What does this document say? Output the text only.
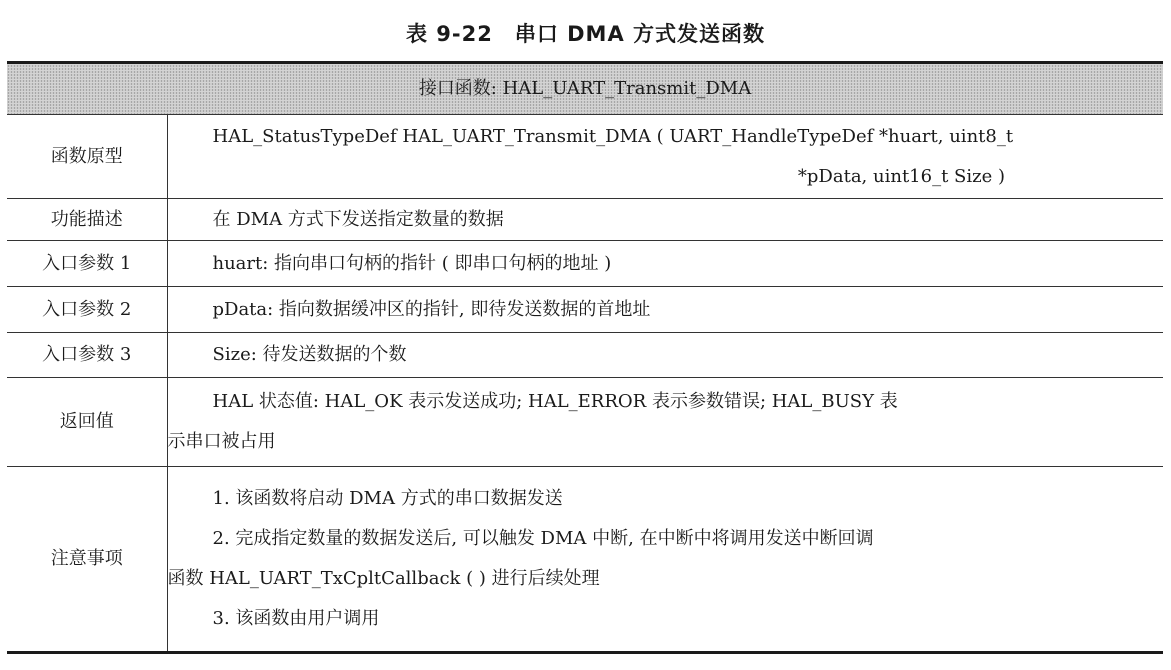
表 9-22　串口 DMA 方式发送函数
接口函数: HAL_UART_Transmit_DMA	
函数原型	HAL_StatusTypeDef HAL_UART_Transmit_DMA ( UART_HandleTypeDef *huart, uint8_t
*pData, uint16_t Size )

功能描述	在 DMA 方式下发送指定数量的数据
入口参数 1	huart: 指向串口句柄的指针 ( 即串口句柄的地址 )
入口参数 2	pData: 指向数据缓冲区的指针, 即待发送数据的首地址
入口参数 3	Size: 待发送数据的个数
返回值	HAL 状态值: HAL_OK 表示发送成功; HAL_ERROR 表示参数错误; HAL_BUSY 表
示串口被占用

注意事项	1. 该函数将启动 DMA 方式的串口数据发送
2. 完成指定数量的数据发送后, 可以触发 DMA 中断, 在中断中将调用发送中断回调
函数 HAL_UART_TxCpltCallback ( ) 进行后续处理
3. 该函数由用户调用
